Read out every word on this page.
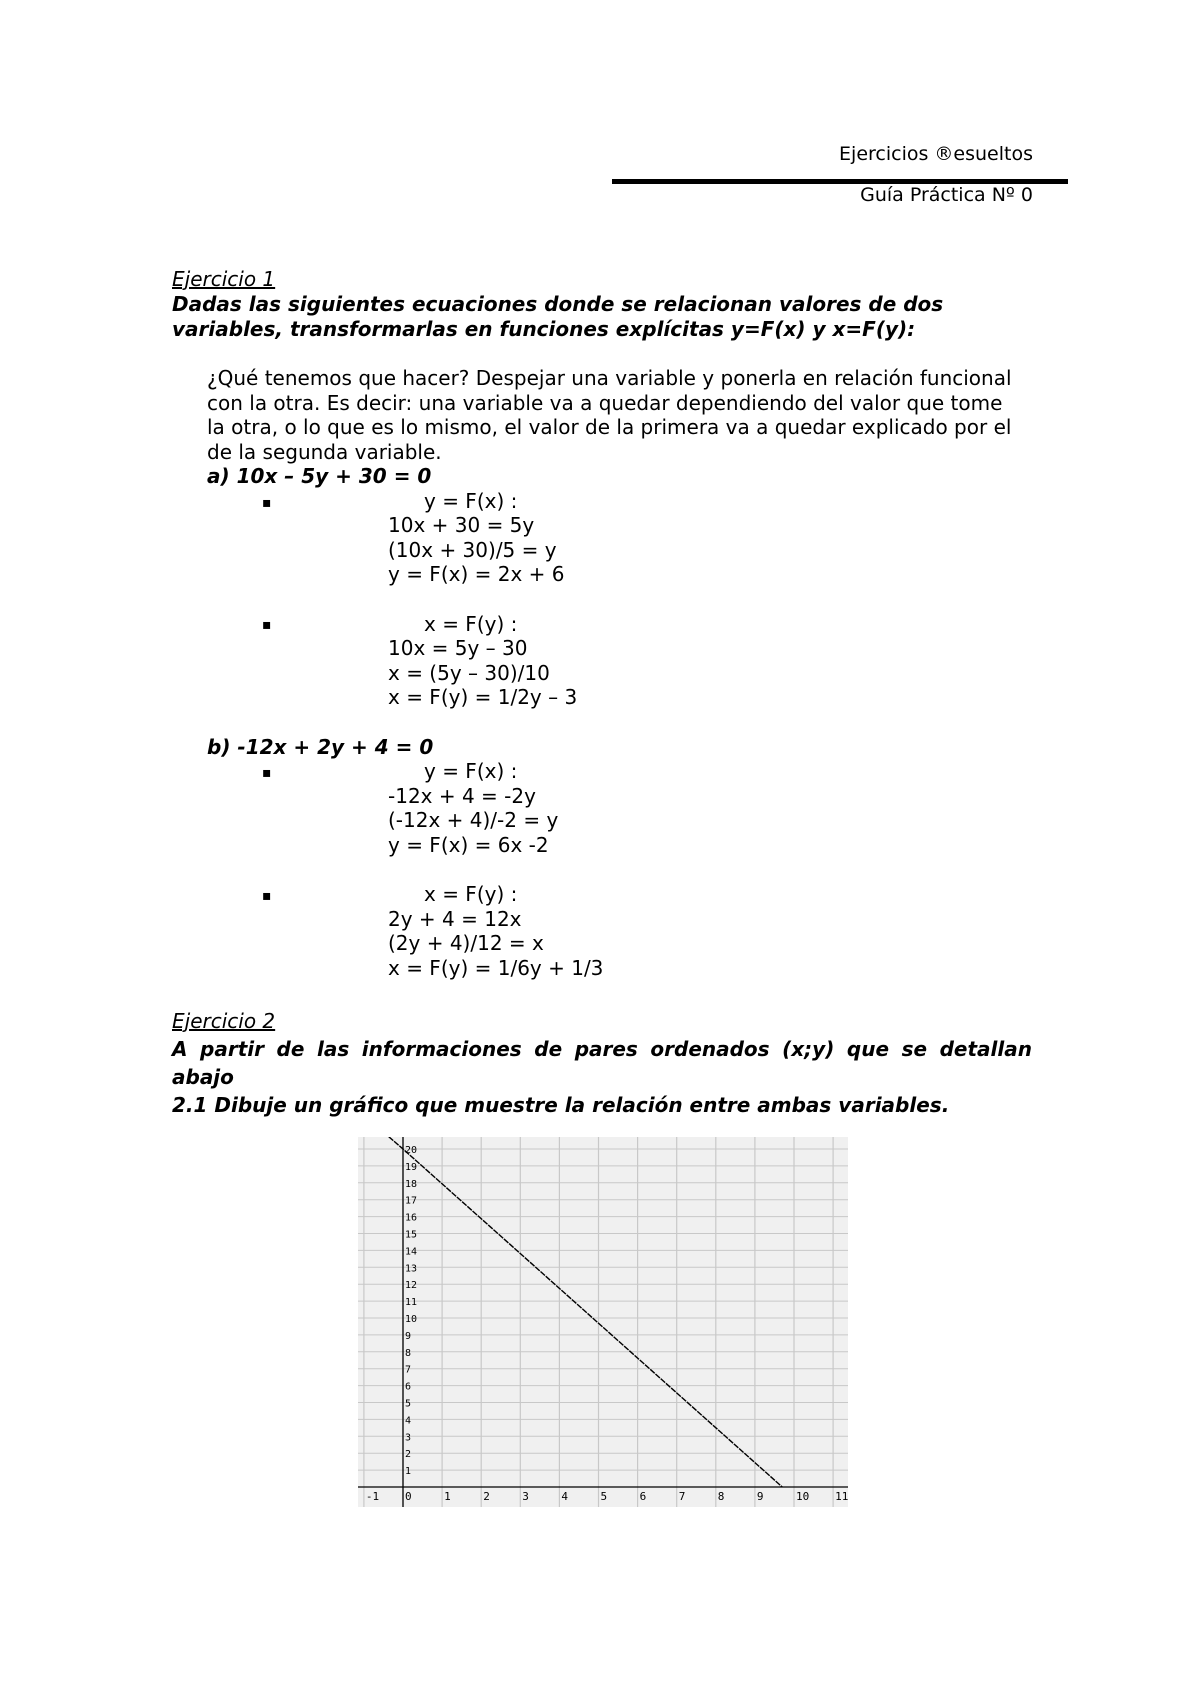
Ejercicios ®esueltos
Guía Práctica Nº 0
Ejercicio 1
Dadas las siguientes ecuaciones donde se relacionan valores de dos
variables, transformarlas en funciones explícitas y=F(x) y x=F(y):
¿Qué tenemos que hacer? Despejar una variable y ponerla en relación funcional
con la otra. Es decir: una variable va a quedar dependiendo del valor que tome
la otra, o lo que es lo mismo, el valor de la primera va a quedar explicado por el
de la segunda variable.
a) 10x – 5y + 30 = 0
▪	y = F(x) :
10x + 30 = 5y
(10x + 30)/5 = y
y = F(x) = 2x + 6
▪	x = F(y) :
10x = 5y – 30
x = (5y – 30)/10
x = F(y) = 1/2y – 3
b) -12x + 2y + 4 = 0
▪	y = F(x) :
-12x + 4 = -2y
(-12x + 4)/-2 = y
y = F(x) = 6x -2
▪	x = F(y) :
2y + 4 = 12x
(2y + 4)/12 = x
x = F(y) = 1/6y + 1/3
Ejercicio 2
A partir de las informaciones de pares ordenados (x;y) que se detallan
abajo
2.1 Dibuje un gráfico que muestre la relación entre ambas variables.
-1 0	1	2	3	4	5	6	7	8	9	10 11
1
2
3
4
5
6
7
8
9
10
11
12
13
14
15
16
17
18
19
20
